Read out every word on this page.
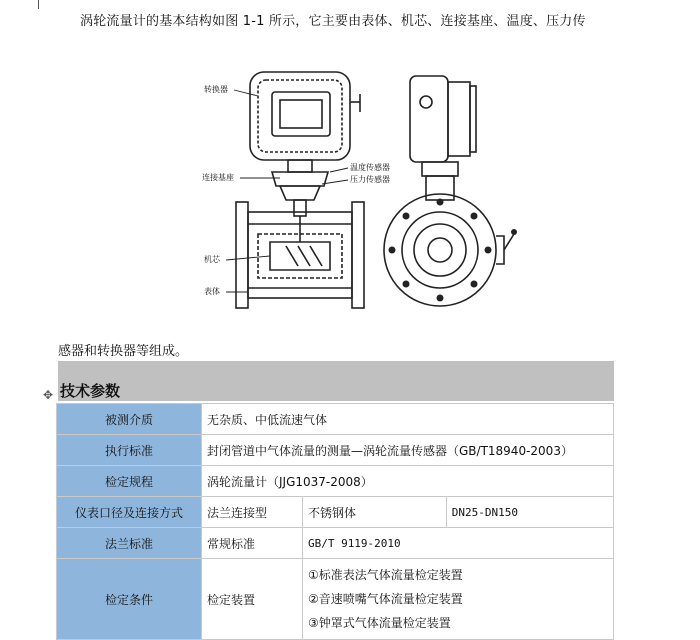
涡轮流量计的基本结构如图 1-1 所示，它主要由表体、机芯、连接基座、温度、压力传
转换器
连接基座
温度传感器
压力传感器
机芯
表体
感器和转换器等组成。
✥ 技术参数
被测介质	无杂质、中低流速气体		
执行标准	封闭管道中气体流量的测量—涡轮流量传感器（GB/T18940-2003）		
检定规程	涡轮流量计（JJG1037-2008）		
仪表口径及连接方式	法兰连接型	不锈钢体	DN25-DN150
法兰标准	常规标准	GB/T 9119-2010	
检定条件	检定装置	①标准表法气体流量检定装置
②音速喷嘴气体流量检定装置
③钟罩式气体流量检定装置	
